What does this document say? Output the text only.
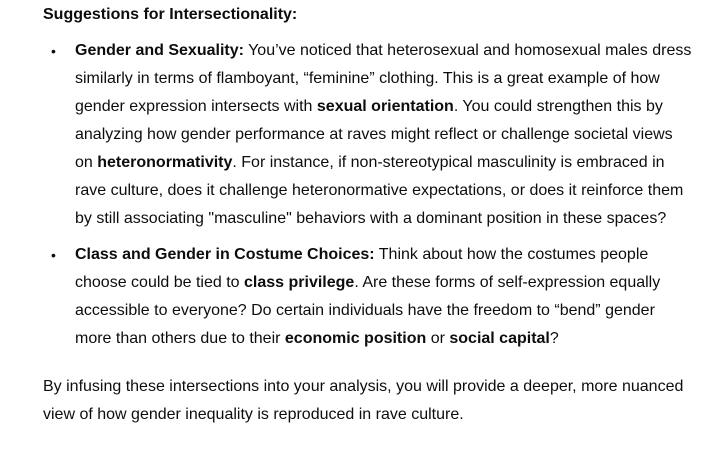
Suggestions for Intersectionality:

•	Gender and Sexuality: You’ve noticed that heterosexual and homosexual males dress similarly in terms of flamboyant, “feminine” clothing. This is a great example of how gender expression intersects with sexual orientation. You could strengthen this by analyzing how gender performance at raves might reflect or challenge societal views on heteronormativity. For instance, if non-stereotypical masculinity is embraced in rave culture, does it challenge heteronormative expectations, or does it reinforce them by still associating "masculine" behaviors with a dominant position in these spaces?

•	Class and Gender in Costume Choices: Think about how the costumes people choose could be tied to class privilege. Are these forms of self-expression equally accessible to everyone? Do certain individuals have the freedom to “bend” gender more than others due to their economic position or social capital?

By infusing these intersections into your analysis, you will provide a deeper, more nuanced view of how gender inequality is reproduced in rave culture.
